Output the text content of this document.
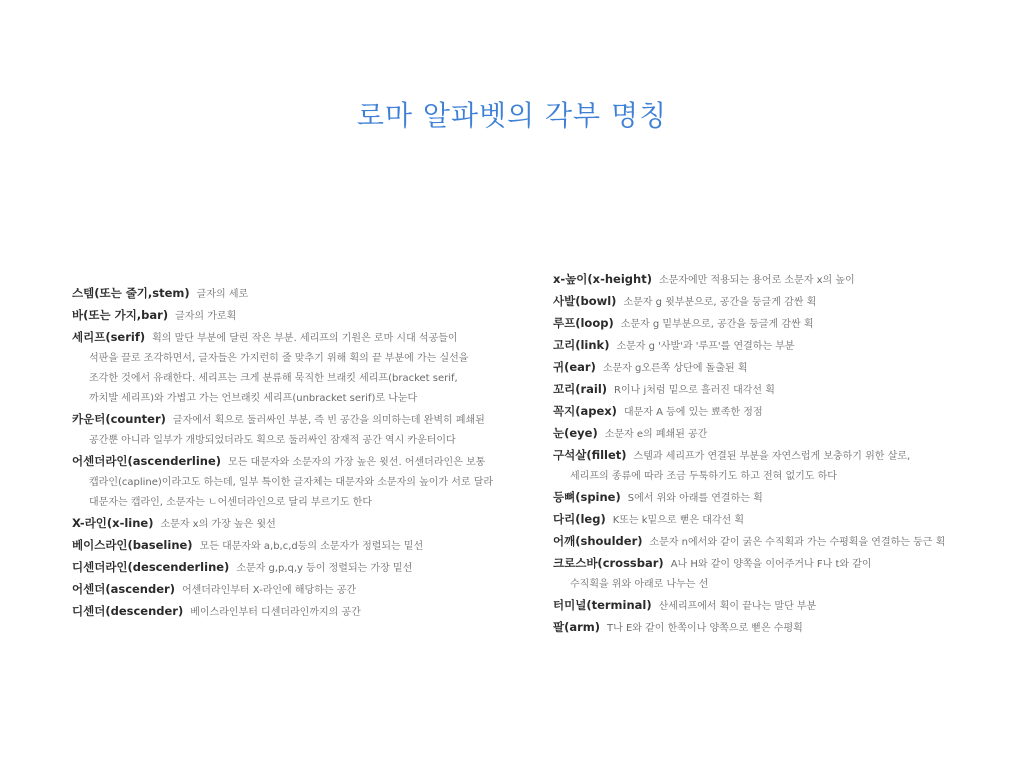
로마 알파벳의 각부 명칭
스템(또는 줄기,stem) 글자의 세로
바(또는 가지,bar) 글자의 가로획
세리프(serif) 획의 말단 부분에 달린 작은 부분. 세리프의 기원은 로마 시대 석공들이
석판을 끌로 조각하면서, 글자들은 가지런히 줄 맞추기 위해 획의 끝 부분에 가는 실선을
조각한 것에서 유래한다. 세리프는 크게 분류해 묵직한 브래킷 세리프(bracket serif,
까치발 세리프)와 가볍고 가는 언브래킷 세리프(unbracket serif)로 나눈다
카운터(counter) 글자에서 획으로 둘러싸인 부분, 즉 빈 공간을 의미하는데 완벽히 폐쇄된
공간뿐 아니라 일부가 개방되었더라도 획으로 둘러싸인 잠재적 공간 역시 카운터이다
어센더라인(ascenderline) 모든 대문자와 소문자의 가장 높은 윗선. 어센더라인은 보통
캡라인(capline)이라고도 하는데, 일부 특이한 글자체는 대문자와 소문자의 높이가 서로 달라
대문자는 캡라인, 소문자는 ㄴ어센더라인으로 달리 부르기도 한다
X-라인(x-line) 소문자 x의 가장 높은 윗선
베이스라인(baseline) 모든 대문자와 a,b,c,d등의 소문자가 정렬되는 밑선
디센더라인(descenderline) 소문자 g,p,q,y 등이 정렬되는 가장 밑선
어센더(ascender) 어센더라인부터 X-라인에 해당하는 공간
디센더(descender) 베이스라인부터 디센더라인까지의 공간
x-높이(x-height) 소문자에만 적용되는 용어로 소문자 x의 높이
사발(bowl) 소문자 g 윗부분으로, 공간을 둥글게 감싼 획
루프(loop) 소문자 g 밑부분으로, 공간을 둥글게 감싼 획
고리(link) 소문자 g '사발'과 '루프'를 연결하는 부분
귀(ear) 소문자 g오른쪽 상단에 돌출된 획
꼬리(rail) R이나 j처럼 밑으로 흘러진 대각선 획
꼭지(apex) 대문자 A 등에 있는 뾰족한 정점
눈(eye) 소문자 e의 폐쇄된 공간
구석살(fillet) 스템과 세리프가 연결된 부분을 자연스럽게 보충하기 위한 살로,
세리프의 종류에 따라 조금 두툭하기도 하고 전혀 없기도 하다
등뼈(spine) S에서 위와 아래를 연결하는 획
다리(leg) K또는 k밑으로 뻗은 대각선 획
어깨(shoulder) 소문자 n에서와 같이 굵은 수직획과 가는 수평획을 연결하는 둥근 획
크로스바(crossbar) A나 H와 같이 양쪽을 이어주거나 F나 t와 같이
수직획을 위와 아래로 나누는 선
터미널(terminal) 산세리프에서 획이 끝나는 말단 부분
팔(arm) T나 E와 같이 한쪽이나 양쪽으로 뻗은 수평획
